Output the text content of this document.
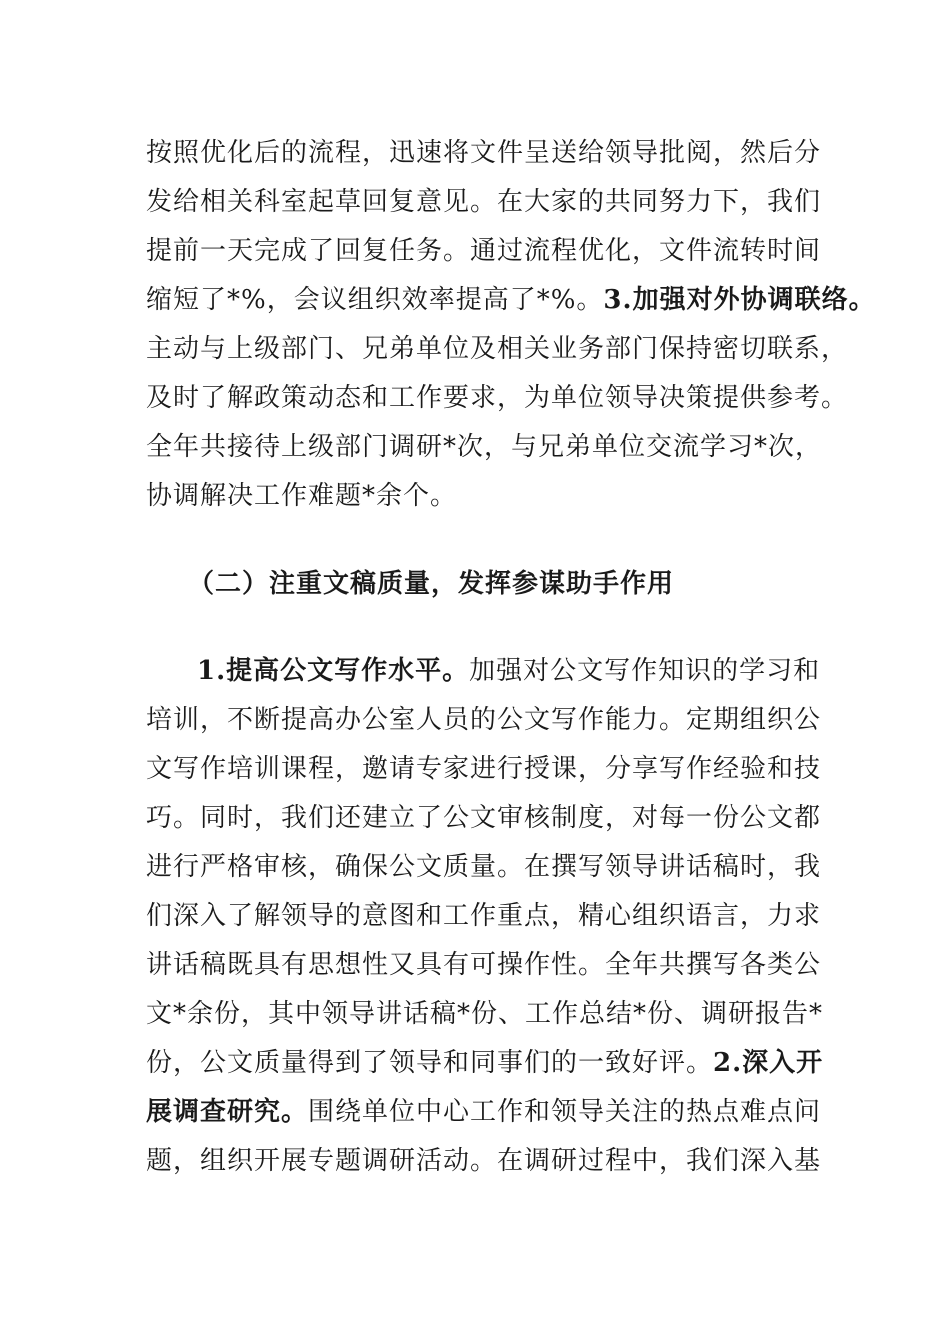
按照优化后的流程，迅速将文件呈送给领导批阅，然后分
发给相关科室起草回复意见。在大家的共同努力下，我们
提前一天完成了回复任务。通过流程优化，文件流转时间
缩短了*%，会议组织效率提高了*%。3.加强对外协调联络。
主动与上级部门、兄弟单位及相关业务部门保持密切联系，
及时了解政策动态和工作要求，为单位领导决策提供参考。
全年共接待上级部门调研*次，与兄弟单位交流学习*次，
协调解决工作难题*余个。
（二）注重文稿质量，发挥参谋助手作用
1.提高公文写作水平。加强对公文写作知识的学习和
培训，不断提高办公室人员的公文写作能力。定期组织公
文写作培训课程，邀请专家进行授课，分享写作经验和技
巧。同时，我们还建立了公文审核制度，对每一份公文都
进行严格审核，确保公文质量。在撰写领导讲话稿时，我
们深入了解领导的意图和工作重点，精心组织语言，力求
讲话稿既具有思想性又具有可操作性。全年共撰写各类公
文*余份，其中领导讲话稿*份、工作总结*份、调研报告*
份，公文质量得到了领导和同事们的一致好评。2.深入开
展调查研究。围绕单位中心工作和领导关注的热点难点问
题，组织开展专题调研活动。在调研过程中，我们深入基
